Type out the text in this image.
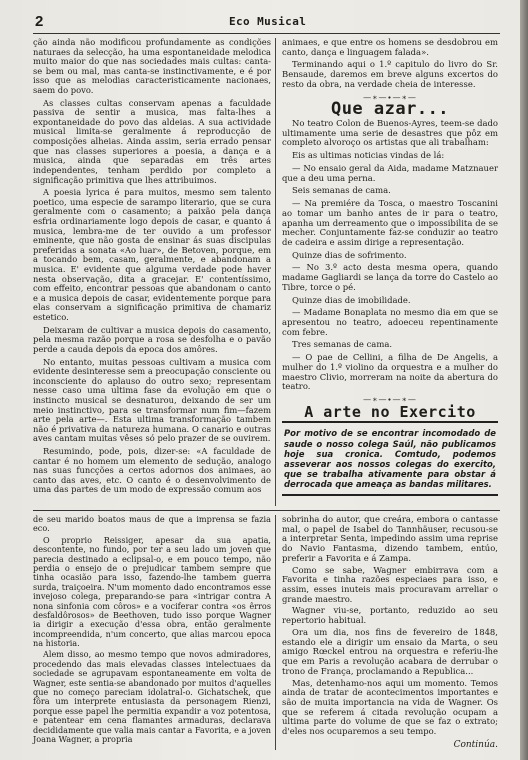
2	Eco Musical

ção ainda não modificou profundamente as condições naturaes da selecção, ha uma espontaneidade melodica muito maior do que nas sociedades mais cultas: canta-se bem ou mal, mas canta-se instinctivamente, e é por isso que as melodias caracteristicamente nacionaes, saem do povo.

As classes cultas conservam apenas a faculdade passiva de sentir a musica, mas falta-lhes a expontaneidade do povo das aldeias. A sua actividade musical limita-se geralmente á reproducção de composições alheias. Ainda assim, seria errado pensar que nas classes superiores a poesia, a dança e a musica, ainda que separadas em três artes independentes, tenham perdido por completo a significação primitiva que lhes attribuimos.

A poesia lyrica é para muitos, mesmo sem talento poetico, uma especie de sarampo literario, que se cura geralmente com o casamento; a paixão pela dança esfria ordinariamente logo depois de casar, e quanto á musica, lembra-me de ter ouvido a um professor eminente, que não gosta de ensinar ás suas discipulas preferidas a sonata «Ao luar», de Betoven, porque, em a tocando bem, casam, geralmente, e abandonam a musica. E' evidente que alguma verdade pode haver nesta observação, dita a gracejar. E' contentíssimo, com effeito, encontrar pessoas que abandonam o canto e a musica depois de casar, evidentemente porque para elas conservam a significação primitiva de chamariz estetico.

Deixaram de cultivar a musica depois do casamento, pela mesma razão porque a rosa se desfolha e o pavão perde a cauda depois da epoca dos amôres.

No entanto, muitas pessoas cultivam a musica com evidente desinteresse sem a preocupação consciente ou inconsciente do aplauso do outro sexo; representam nesse caso uma ultima fase da evolução em que o instincto musical se desnaturou, deixando de ser um meio instinctivo, para se transformar num fim—fazem arte pela arte—. Esta ultima transformação tambem não é privativa da natureza humana. O canario e outras aves cantam muitas vêses só pelo prazer de se ouvirem.

Resumindo, pode, pois, dizer-se: «A faculdade de cantar é no homem um elemento de sedução, analogo nas suas funcções a certos adornos dos animaes, ao canto das aves, etc. O canto é o desenvolvimento de uma das partes de um modo de expressão comum aos

animaes, e que entre os homens se desdobrou em canto, dança e linguagem falada».

Terminando aqui o 1.º capitulo do livro do Sr. Bensaude, daremos em breve alguns excertos do resto da obra, na verdade cheia de interesse.

—∗—∙—∗—
Que azar...

No teatro Colon de Buenos-Ayres, teem-se dado ultimamente uma serie de desastres que pôz em completo alvoroço os artistas que ali trabalham:

Eis as ultimas noticias vindas de lá:

— No ensaio geral da Aida, madame Matznauer que a deu uma perna.

Seis semanas de cama.

— Na premiére da Tosca, o maestro Toscanini ao tomar um banho antes de ir para o teatro, apanha um derreamento que o impossibilita de se mecher. Conjuntamente faz-se conduzir ao teatro de cadeira e assim dirige a representação.

Quinze dias de sofrimento.

— No 3.º acto desta mesma opera, quando madame Gagliardi se lança da torre do Castelo ao Tibre, torce o pé.

Quinze dias de imobilidade.

— Madame Bonaplata no mesmo dia em que se apresentou no teatro, adoeceu repentinamente com febre.

Tres semanas de cama.

— O pae de Cellini, a filha de De Angelis, a mulher do 1.º violino da orquestra e a mulher do maestro Clivio, morreram na noite da abertura do teatro.

—∗—∙—∗—
A arte no Exercito
Por motivo de se encontrar incomodado de saude o nosso colega Saúl, não publicamos hoje sua cronica. Comtudo, podemos asseverar aos nossos colegas do exercito, que se trabalha ativamente para obstar á derrocada que ameaça as bandas militares.

de seu marido boatos maus de que a imprensa se fazia eco.

O proprio Reissiger, apesar da sua apatia, descontente, no fundo, por ter a seu lado um joven que parecia destinado a eclipsal-o, e em pouco tempo, não perdia o ensejo de o prejudicar tambem sempre que tinha ocasião para isso, fazendo-lhe tambem guerra surda, traiçoeira. N'um momento dado encontramos esse invejoso colega, preparando-se para «intrigar contra A nona sinfonia com côros» e a vociferar contra «os êrros desfaldôrosos» de Beethoven, tudo isso porque Wagner ia dirigir a execução d'essa obra, então geralmente incompreendida, n'um concerto, que alias marcou epoca na historia.

Alem disso, ao mesmo tempo que novos admiradores, procedendo das mais elevadas classes intelectuaes da sociedade se agrupavam espontaneamente em volta de Wagner, este sentia-se abandonado por muitos d'aquelles que no começo pareciam idolatral-o. Gichatschek, que fôra um interprete entusiasta da personagem Rienzi, porque esse papel lhe permitia expandir a voz potentosa, e patentear em cena flamantes armaduras, declarava decididamente que valia mais cantar a Favorita, e a joven Joana Wagner, a propria

sobrinha do autor, que creára, embora o cantasse mal, o papel de Isabel do Tannhäuser, recusou-se a interpretar Senta, impedindo assim uma reprise do Navio Fantasma, dizendo tambem, entúo, preferir a Favorita e á Zampa.

Como se sabe, Wagner embirrava com a Favorita e tinha razões especiaes para isso, e assim, esses inuteis mais procuravam arreliar o grande maestro.

Wagner viu-se, portanto, reduzido ao seu repertorio habitual.

Ora um dia, nos fins de fevereiro de 1848, estando ele a dirigir um ensaio da Marta, o seu amigo Rœckel entrou na orquestra e referiu-lhe que em Paris a revolução acabara de derrubar o trono de França, proclamando a Republica...

Mas, detenhamo-nos aqui um momento. Temos ainda de tratar de acontecimentos importantes e são de muita importancia na vida de Wagner. Os que se referem á citada revolução ocupam a ultima parte do volume de que se faz o extrato; d'eles nos ocuparemos a seu tempo.

Continúa.
